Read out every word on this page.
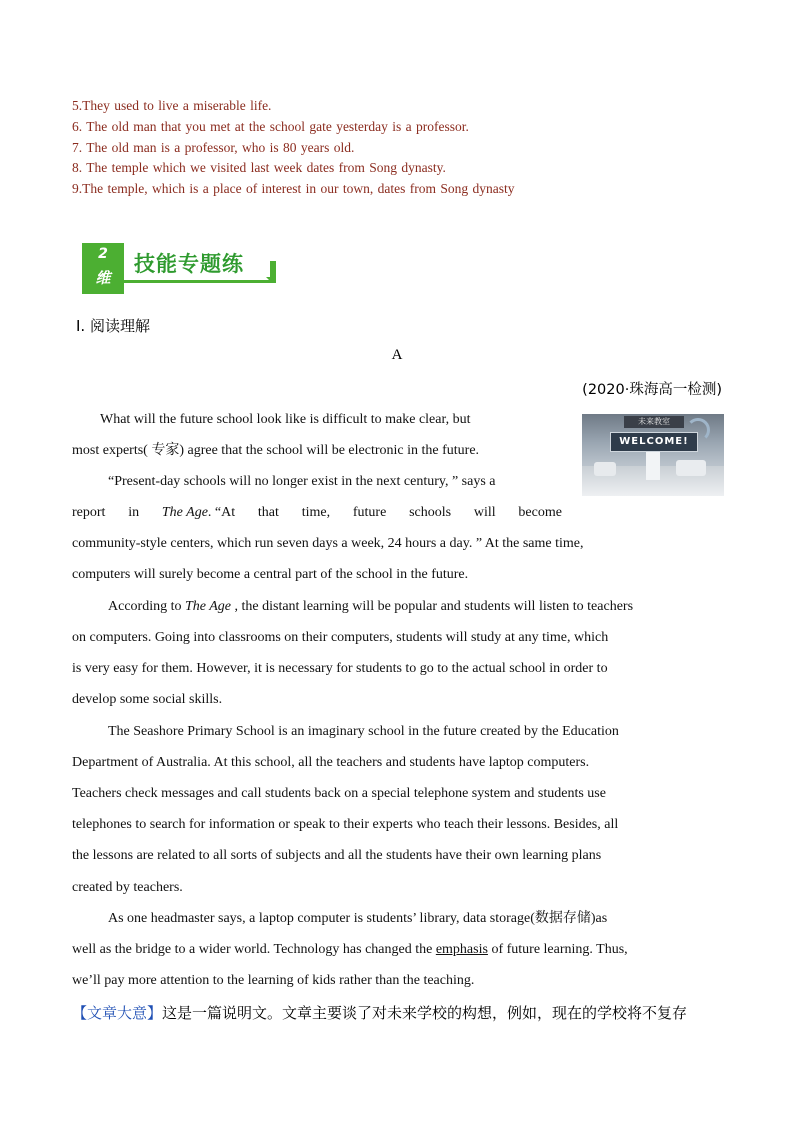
5.They used to live a miserable life.
6. The old man that you met at the school gate yesterday is a professor.
7. The old man is a professor, who is 80 years old.
8. The temple which we visited last week dates from Song dynasty.
9.The temple, which is a place of interest in our town, dates from Song dynasty
2
维
技能专题练
Ⅰ. 阅读理解
A
(2020·珠海高一检测)
未来教室
WELCOME!
What will the future school look like is difficult to make clear, but
most experts( 专家) agree that the school will be electronic in the future.
“Present-day schools will no longer exist in the next century, ” says a
report in The Age. “At that time, future schools will become
community-style centers, which run seven days a week, 24 hours a day. ” At the same time,
computers will surely become a central part of the school in the future.
According to The Age , the distant learning will be popular and students will listen to teachers
on computers. Going into classrooms on their computers, students will study at any time, which
is very easy for them. However, it is necessary for students to go to the actual school in order to
develop some social skills.
The Seashore Primary School is an imaginary school in the future created by the Education
Department of Australia. At this school, all the teachers and students have laptop computers.
Teachers check messages and call students back on a special telephone system and students use
telephones to search for information or speak to their experts who teach their lessons. Besides, all
the lessons are related to all sorts of subjects and all the students have their own learning plans
created by teachers.
As one headmaster says, a laptop computer is students’ library, data storage(数据存储)as
well as the bridge to a wider world. Technology has changed the emphasis of future learning. Thus,
we’ll pay more attention to the learning of kids rather than the teaching.
【文章大意】这是一篇说明文。文章主要谈了对未来学校的构想，例如，现在的学校将不复存
